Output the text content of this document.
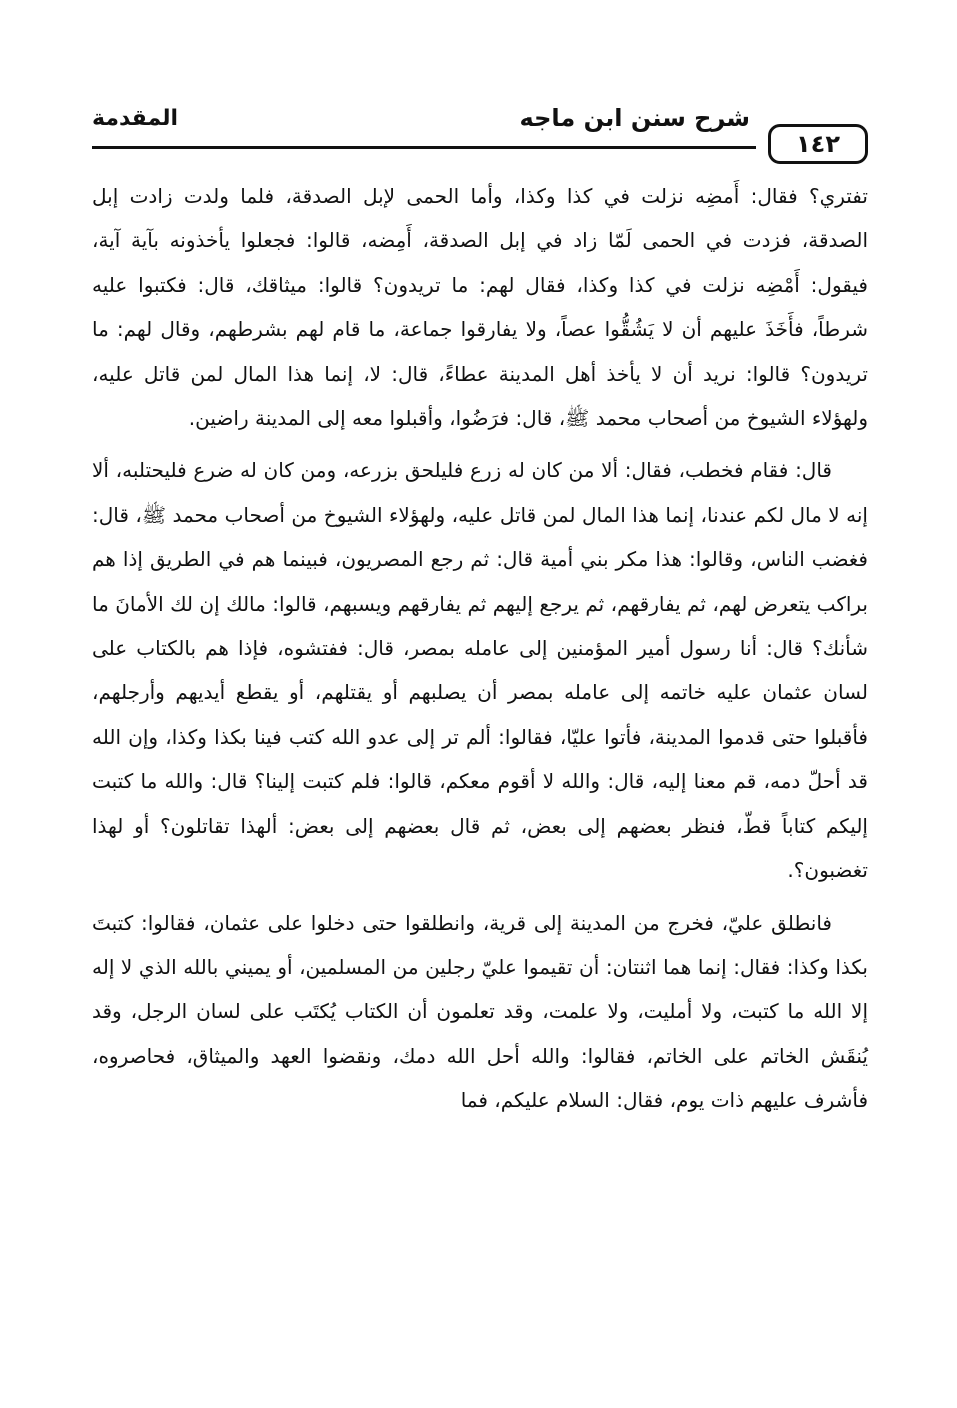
المقدمة	شرح سنن ابن ماجه
١٤٢

تفتري؟ فقال: أَمضِه نزلت في كذا وكذا، وأما الحمى لإبل الصدقة، فلما ولدت زادت إبل الصدقة، فزدت في الحمى لَمّا زاد في إبل الصدقة، أَمِضه، قالوا: فجعلوا يأخذونه بآية آية، فيقول: أَمْضِه نزلت في كذا وكذا، فقال لهم: ما تريدون؟ قالوا: ميثاقك، قال: فكتبوا عليه شرطاً، فأَخَذَ عليهم أن لا يَشُقُّوا عصاً، ولا يفارقوا جماعة، ما قام لهم بشرطهم، وقال لهم: ما تريدون؟ قالوا: نريد أن لا يأخذ أهل المدينة عطاءً، قال: لا، إنما هذا المال لمن قاتل عليه، ولهؤلاء الشيوخ من أصحاب محمد ﷺ، قال: فرَضُوا، وأقبلوا معه إلى المدينة راضين.

قال: فقام فخطب، فقال: ألا من كان له زرع فليلحق بزرعه، ومن كان له ضرع فليحتلبه، ألا إنه لا مال لكم عندنا، إنما هذا المال لمن قاتل عليه، ولهؤلاء الشيوخ من أصحاب محمد ﷺ، قال: فغضب الناس، وقالوا: هذا مكر بني أمية قال: ثم رجع المصريون، فبينما هم في الطريق إذا هم براكب يتعرض لهم، ثم يفارقهم، ثم يرجع إليهم ثم يفارقهم ويسبهم، قالوا: مالك إن لك الأمانَ ما شأنك؟ قال: أنا رسول أمير المؤمنين إلى عامله بمصر، قال: ففتشوه، فإذا هم بالكتاب على لسان عثمان عليه خاتمه إلى عامله بمصر أن يصلبهم أو يقتلهم، أو يقطع أيديهم وأرجلهم، فأقبلوا حتى قدموا المدينة، فأتوا عليّا، فقالوا: ألم تر إلى عدو الله كتب فينا بكذا وكذا، وإن الله قد أحلّ دمه، قم معنا إليه، قال: والله لا أقوم معكم، قالوا: فلم كتبت إلينا؟ قال: والله ما كتبت إليكم كتاباً قطّ، فنظر بعضهم إلى بعض، ثم قال بعضهم إلى بعض: ألهذا تقاتلون؟ أو لهذا تغضبون؟.

فانطلق عليّ، فخرج من المدينة إلى قرية، وانطلقوا حتى دخلوا على عثمان، فقالوا: كتبتَ بكذا وكذا: فقال: إنما هما اثنتان: أن تقيموا عليّ رجلين من المسلمين، أو يميني بالله الذي لا إله إلا الله ما كتبت، ولا أمليت، ولا علمت، وقد تعلمون أن الكتاب يُكتَب على لسان الرجل، وقد يُنقَش الخاتم على الخاتم، فقالوا: والله أحل الله دمك، ونقضوا العهد والميثاق، فحاصروه، فأشرف عليهم ذات يوم، فقال: السلام عليكم، فما
